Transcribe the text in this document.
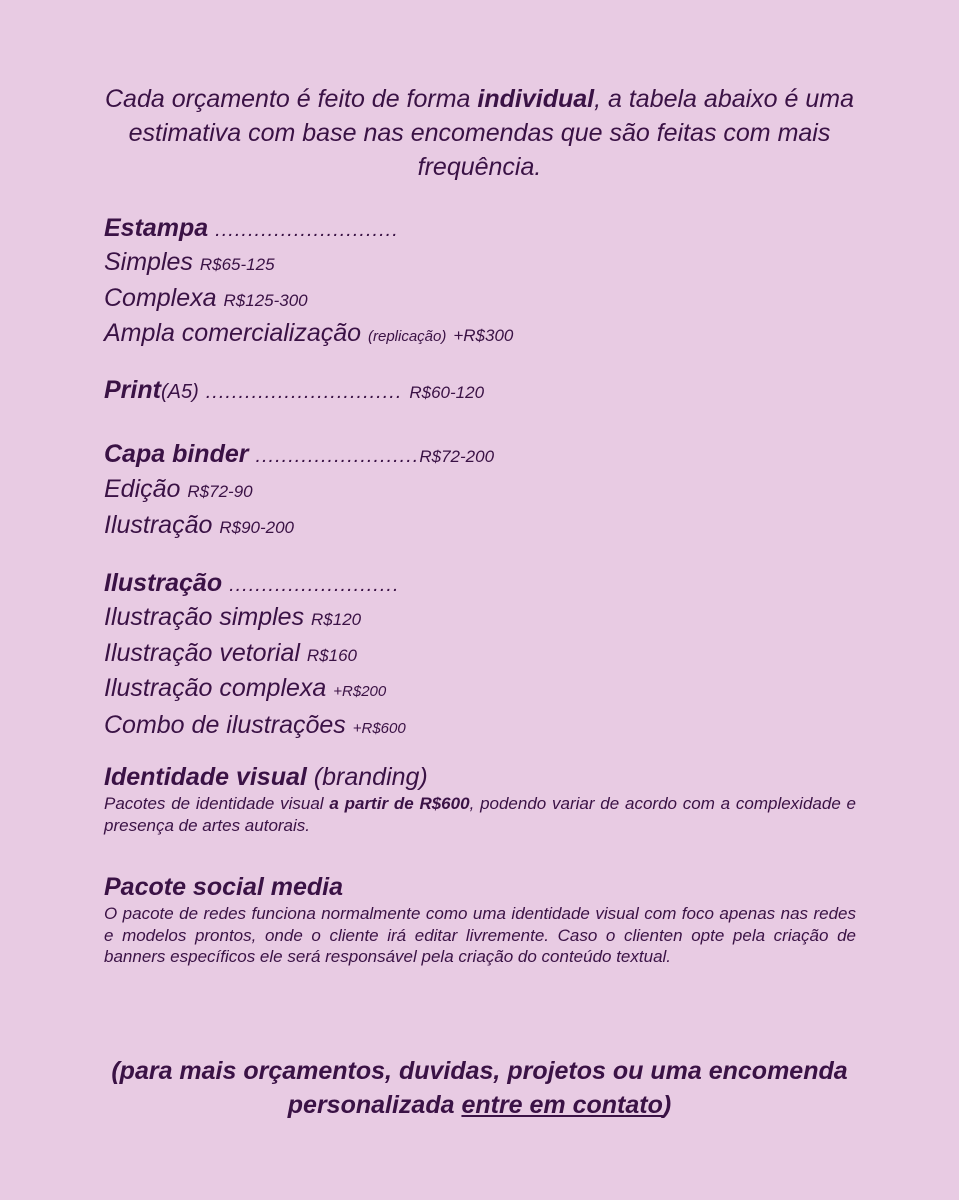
Cada orçamento é feito de forma individual, a tabela abaixo é uma estimativa com base nas encomendas que são feitas com mais frequência.
Estampa ............................
Simples R$65-125
Complexa R$125-300
Ampla comercialização (replicação) +R$300
Print(A5) .............................. R$60-120
Capa binder .........................R$72-200
Edição R$72-90
Ilustração R$90-200
Ilustração ..........................
Ilustração simples R$120
Ilustração vetorial R$160
Ilustração complexa +R$200
Combo de ilustrações +R$600
Identidade visual (branding)
Pacotes de identidade visual a partir de R$600, podendo variar de acordo com a complexidade e presença de artes autorais.
Pacote social media
O pacote de redes funciona normalmente como uma identidade visual com foco apenas nas redes e modelos prontos, onde o cliente irá editar livremente. Caso o clienten opte pela criação de banners específicos ele será responsável pela criação do conteúdo textual.
(para mais orçamentos, duvidas, projetos ou uma encomenda personalizada entre em contato)
